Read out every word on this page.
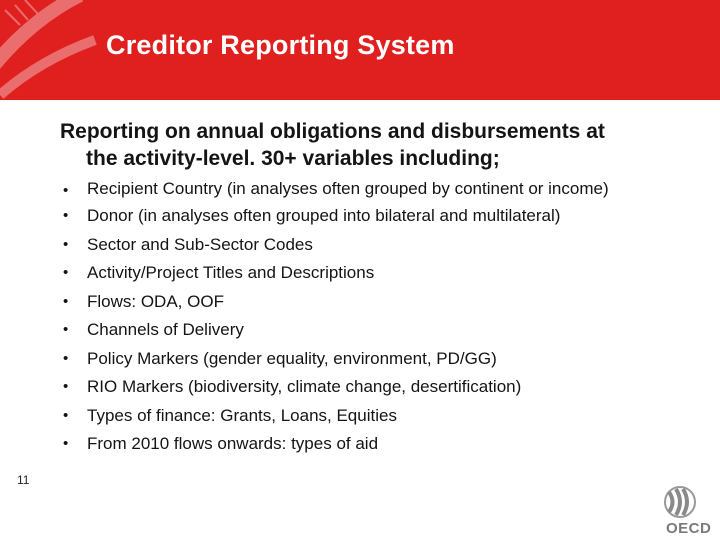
Creditor Reporting System
Reporting on annual obligations and disbursements at
the activity-level. 30+ variables including;
• Recipient Country (in analyses often grouped by continent or income)
• Donor (in analyses often grouped into bilateral and multilateral)
• Sector and Sub-Sector Codes
• Activity/Project Titles and Descriptions
• Flows: ODA, OOF
• Channels of Delivery
• Policy Markers (gender equality, environment, PD/GG)
• RIO Markers (biodiversity, climate change, desertification)
• Types of finance: Grants, Loans, Equities
• From 2010 flows onwards: types of aid
11
OECD
